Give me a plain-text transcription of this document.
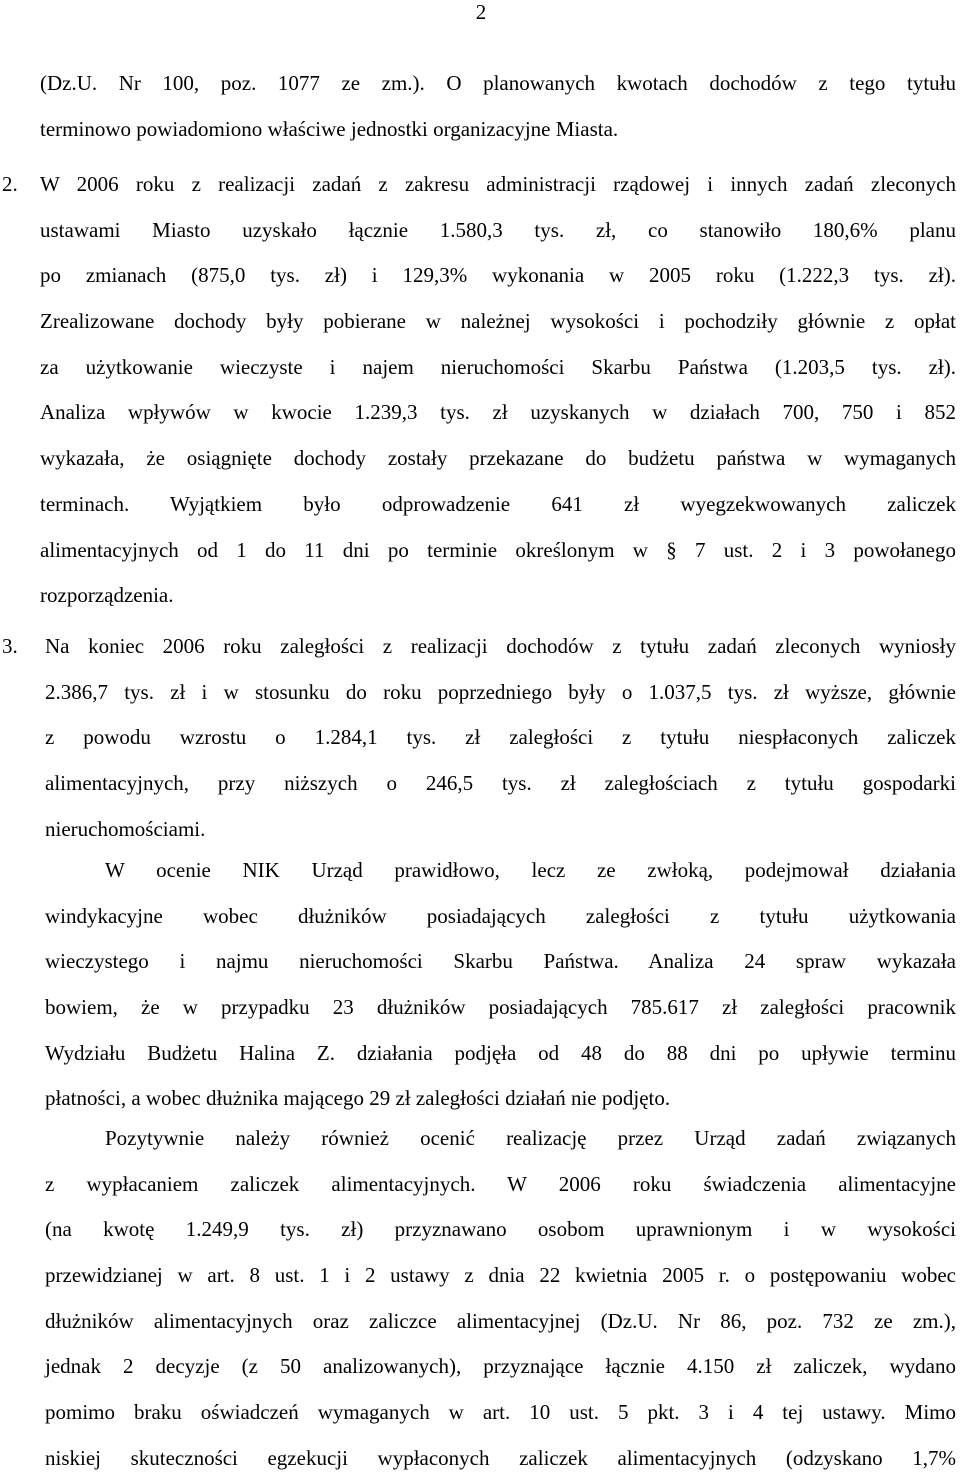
2
(Dz.U. Nr 100, poz. 1077 ze zm.). O planowanych kwotach dochodów z tego tytułu
terminowo powiadomiono właściwe jednostki organizacyjne Miasta.
2.	W 2006 roku z realizacji zadań z zakresu administracji rządowej i innych zadań zleconych
ustawami Miasto uzyskało łącznie 1.580,3 tys. zł, co stanowiło 180,6% planu
po zmianach (875,0 tys. zł) i 129,3% wykonania w 2005 roku (1.222,3 tys. zł).
Zrealizowane dochody były pobierane w należnej wysokości i pochodziły głównie z opłat
za użytkowanie wieczyste i najem nieruchomości Skarbu Państwa (1.203,5 tys. zł).
Analiza wpływów w kwocie 1.239,3 tys. zł uzyskanych w działach 700, 750 i 852
wykazała, że osiągnięte dochody zostały przekazane do budżetu państwa w wymaganych
terminach. Wyjątkiem było odprowadzenie 641 zł wyegzekwowanych zaliczek
alimentacyjnych od 1 do 11 dni po terminie określonym w § 7 ust. 2 i 3 powołanego
rozporządzenia.
3.	Na koniec 2006 roku zaległości z realizacji dochodów z tytułu zadań zleconych wyniosły
2.386,7 tys. zł i w stosunku do roku poprzedniego były o 1.037,5 tys. zł wyższe, głównie
z powodu wzrostu o 1.284,1 tys. zł zaległości z tytułu niespłaconych zaliczek
alimentacyjnych, przy niższych o 246,5 tys. zł zaległościach z tytułu gospodarki
nieruchomościami.
W ocenie NIK Urząd prawidłowo, lecz ze zwłoką, podejmował działania
windykacyjne wobec dłużników posiadających zaległości z tytułu użytkowania
wieczystego i najmu nieruchomości Skarbu Państwa. Analiza 24 spraw wykazała
bowiem, że w przypadku 23 dłużników posiadających 785.617 zł zaległości pracownik
Wydziału Budżetu Halina Z. działania podjęła od 48 do 88 dni po upływie terminu
płatności, a wobec dłużnika mającego 29 zł zaległości działań nie podjęto.
Pozytywnie należy również ocenić realizację przez Urząd zadań związanych
z wypłacaniem zaliczek alimentacyjnych. W 2006 roku świadczenia alimentacyjne
(na kwotę 1.249,9 tys. zł) przyznawano osobom uprawnionym i w wysokości
przewidzianej w art. 8 ust. 1 i 2 ustawy z dnia 22 kwietnia 2005 r. o postępowaniu wobec
dłużników alimentacyjnych oraz zaliczce alimentacyjnej (Dz.U. Nr 86, poz. 732 ze zm.),
jednak 2 decyzje (z 50 analizowanych), przyznające łącznie 4.150 zł zaliczek, wydano
pomimo braku oświadczeń wymaganych w art. 10 ust. 5 pkt. 3 i 4 tej ustawy. Mimo
niskiej skuteczności egzekucji wypłaconych zaliczek alimentacyjnych (odzyskano 1,7%
